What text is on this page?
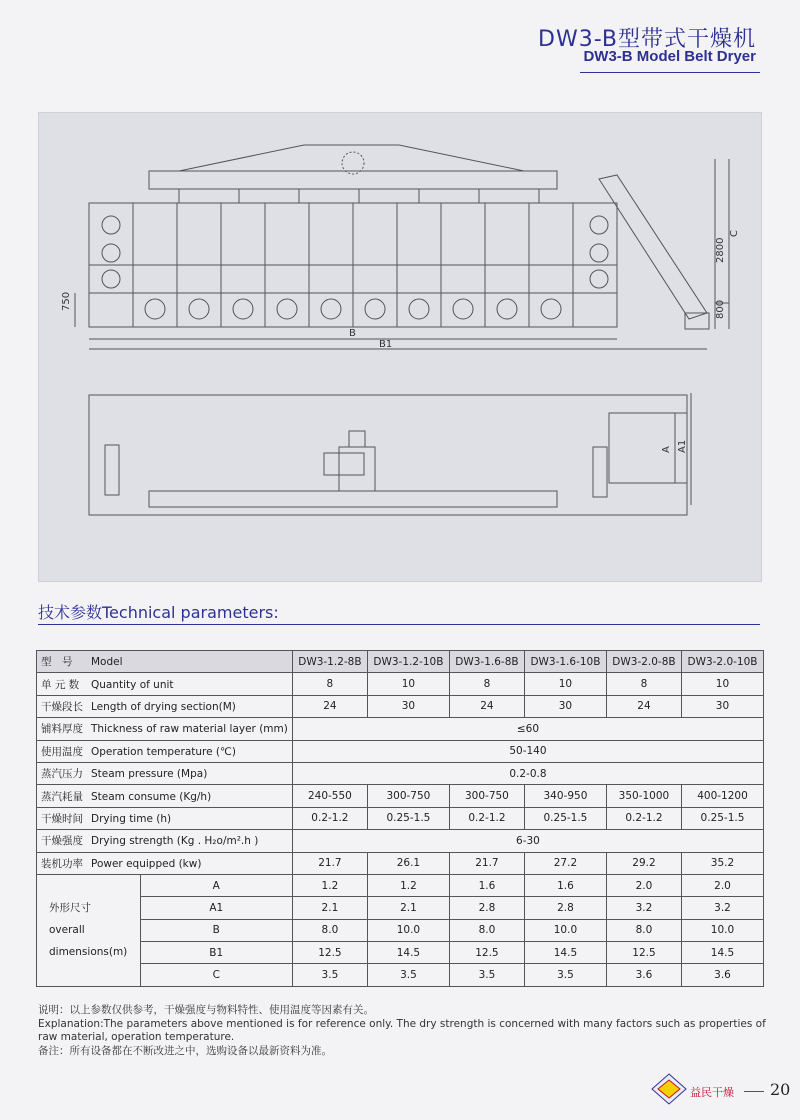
DW3-B型带式干燥机
DW3-B Model Belt Dryer
750	800
2800
C
B
B1
A A1
技术参数Technical parameters:
型　号 Model		DW3-1.2-8B	DW3-1.2-10B	DW3-1.6-8B	DW3-1.6-10B	DW3-2.0-8B	DW3-2.0-10B
单 元 数 Quantity of unit		8	10	8	10	8	10
干燥段长 Length of drying section(M)		24	30	24	30	24	30
铺料厚度 Thickness of raw material layer (mm)		≤60					
使用温度 Operation temperature (℃)		50-140					
蒸汽压力 Steam pressure (Mpa)		0.2-0.8					
蒸汽耗量 Steam consume (Kg/h)		240-550	300-750	300-750	340-950	350-1000	400-1200
干燥时间 Drying time (h)		0.2-1.2	0.25-1.5	0.2-1.2	0.25-1.5	0.2-1.2	0.25-1.5
干燥强度 Drying strength (Kg . H₂o/m².h )		6-30					
装机功率 Power equipped (kw)		21.7	26.1	21.7	27.2	29.2	35.2

外形尺寸
overall
dimensions(m)	A	1.2	1.2	1.6	1.6	2.0	2.0
	A1	2.1	2.1	2.8	2.8	3.2	3.2
	B	8.0	10.0	8.0	10.0	8.0	10.0
	B1	12.5	14.5	12.5	14.5	12.5	14.5
	C	3.5	3.5	3.5	3.5	3.6	3.6

说明：以上参数仅供参考，干燥强度与物料特性、使用温度等因素有关。

Explanation:The parameters above mentioned is for reference only. The dry strength is concerned with many factors such as properties of raw material, operation temperature.

备注：所有设备都在不断改进之中，选购设备以最新资料为准。

益民干燥 20
